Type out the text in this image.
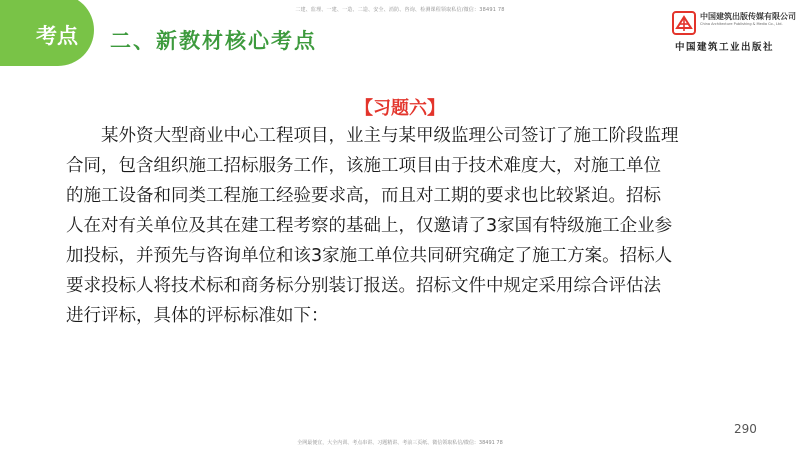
二建、监理、一建、一造、二造、安全、消防、咨询、检测课程领取私信/微信：38491 78
考点 二、新教材核心考点
中国建筑出版传媒有限公司
China Architecture Publishing & Media Co., Ltd.
中国建筑工业出版社
【习题六】
　　某外资大型商业中心工程项目，业主与某甲级监理公司签订了施工阶段监理
合同，包含组织施工招标服务工作，该施工项目由于技术难度大，对施工单位
的施工设备和同类工程施工经验要求高，而且对工期的要求也比较紧迫。招标
人在对有关单位及其在建工程考察的基础上，仅邀请了3家国有特级施工企业参
加投标，并预先与咨询单位和该3家施工单位共同研究确定了施工方案。招标人
要求投标人将技术标和商务标分别装订报送。招标文件中规定采用综合评估法
进行评标，具体的评标标准如下：
290
全网最便宜，大全内训、考点串讲、习题精讲、考前三页纸、微信领取私信/微信：38491 78
